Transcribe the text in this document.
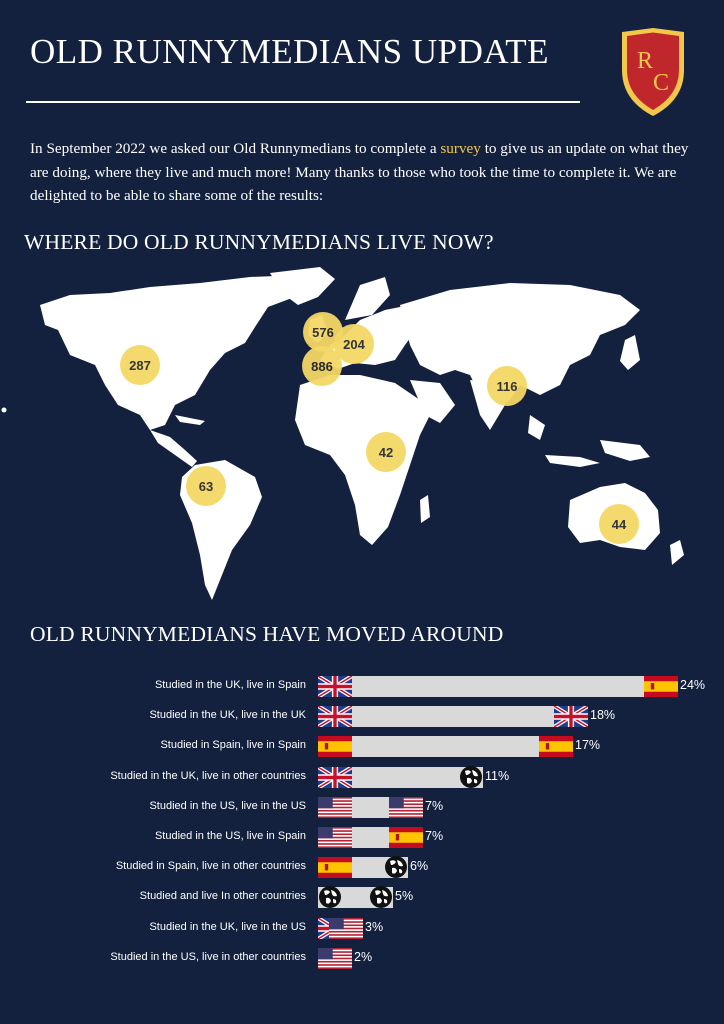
OLD RUNNYMEDIANS UPDATE	R
C
In September 2022 we asked our Old Runnymedians to complete a survey to give us an update on what they are doing, where they live and much more! Many thanks to those who took the time to complete it. We are delighted to be able to share some of the results:
WHERE DO OLD RUNNYMEDIANS LIVE NOW?
287
576
204
886
116
42
63
44
OLD RUNNYMEDIANS HAVE MOVED AROUND
Studied in the UK, live in Spain	24%
Studied in the UK, live in the UK	18%
Studied in Spain, live in Spain	17%
Studied in the UK, live in other countries	11%
Studied in the US, live in the US	7%
Studied in the US, live in Spain	7%
Studied in Spain, live in other countries	6%
Studied and live In other countries	5%
Studied in the UK, live in the US	3%
Studied in the US, live in other countries	2%
